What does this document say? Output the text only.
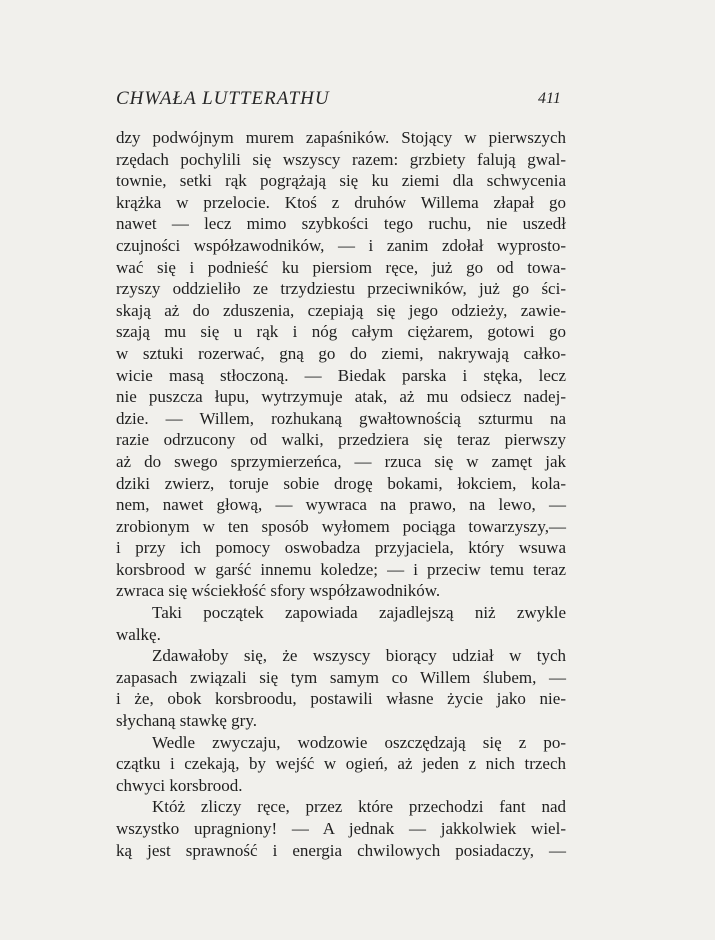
CHWAŁA LUTTERATHU	411
dzy podwójnym murem zapaśników. Stojący w pierwszych
rzędach pochylili się wszyscy razem: grzbiety falują gwal-
townie, setki rąk pogrążają się ku ziemi dla schwycenia
krążka w przelocie. Ktoś z druhów Willema złapał go
nawet — lecz mimo szybkości tego ruchu, nie uszedł
czujności współzawodników, — i zanim zdołał wyprosto-
wać się i podnieść ku piersiom ręce, już go od towa-
rzyszy oddzieliło ze trzydziestu przeciwników, już go ści-
skają aż do zduszenia, czepiają się jego odzieży, zawie-
szają mu się u rąk i nóg całym ciężarem, gotowi go
w sztuki rozerwać, gną go do ziemi, nakrywają całko-
wicie masą stłoczoną. — Biedak parska i stęka, lecz
nie puszcza łupu, wytrzymuje atak, aż mu odsiecz nadej-
dzie. — Willem, rozhukaną gwałtownością szturmu na
razie odrzucony od walki, przedziera się teraz pierwszy
aż do swego sprzymierzeńca, — rzuca się w zamęt jak
dziki zwierz, toruje sobie drogę bokami, łokciem, kola-
nem, nawet głową, — wywraca na prawo, na lewo, —
zrobionym w ten sposób wyłomem pociąga towarzyszy,—
i przy ich pomocy oswobadza przyjaciela, który wsuwa
korsbrood w garść innemu koledze; — i przeciw temu teraz
zwraca się wściekłość sfory współzawodników.
Taki początek zapowiada zajadlejszą niż zwykle
walkę.
Zdawałoby się, że wszyscy biorący udział w tych
zapasach związali się tym samym co Willem ślubem, —
i że, obok korsbroodu, postawili własne życie jako nie-
słychaną stawkę gry.
Wedle zwyczaju, wodzowie oszczędzają się z po-
czątku i czekają, by wejść w ogień, aż jeden z nich trzech
chwyci korsbrood.
Któż zliczy ręce, przez które przechodzi fant nad
wszystko upragniony! — A jednak — jakkolwiek wiel-
ką jest sprawność i energia chwilowych posiadaczy, —
